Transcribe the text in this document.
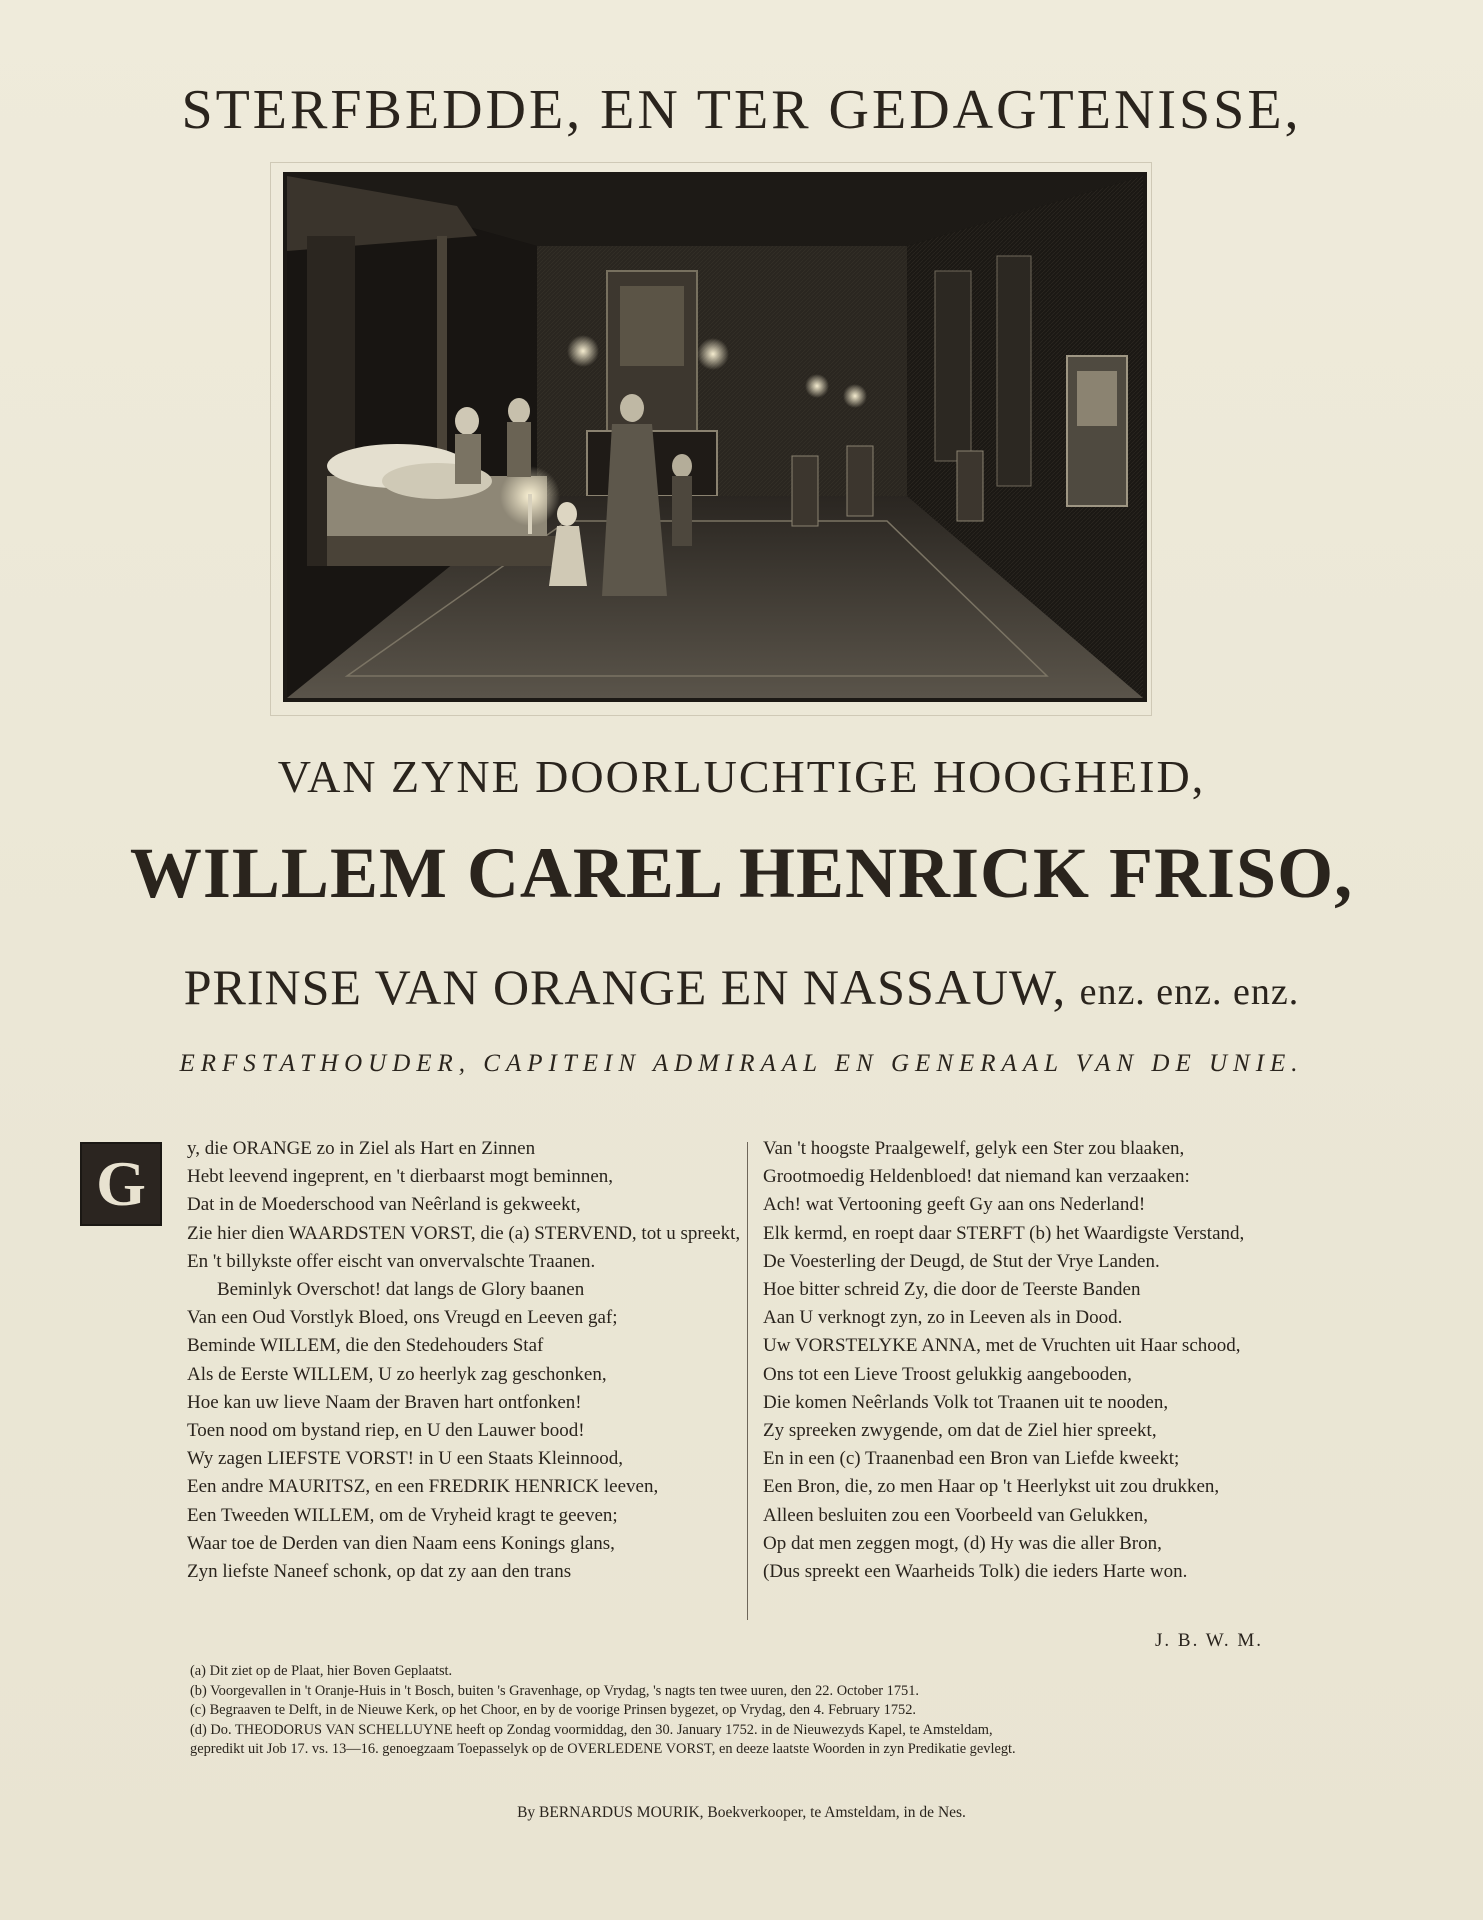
STERFBEDDE, EN TER GEDAGTENISSE,
VAN ZYNE DOORLUCHTIGE HOOGHEID,
WILLEM CAREL HENRICK FRISO,
PRINSE VAN ORANGE EN NASSAUW, enz. enz. enz.
ERFSTATHOUDER, CAPITEIN ADMIRAAL EN GENERAAL VAN DE UNIE.
G	y, die ORANGE zo in Ziel als Hart en Zinnen
Hebt leevend ingeprent, en 't dierbaarst mogt beminnen,
Dat in de Moederschood van Neêrland is gekweekt,
Zie hier dien WAARDSTEN VORST, die (a) STERVEND, tot u spreekt,
En 't billykste offer eischt van onvervalschte Traanen.
Beminlyk Overschot! dat langs de Glory baanen
Van een Oud Vorstlyk Bloed, ons Vreugd en Leeven gaf;
Beminde WILLEM, die den Stedehouders Staf
Als de Eerste WILLEM, U zo heerlyk zag geschonken,
Hoe kan uw lieve Naam der Braven hart ontfonken!
Toen nood om bystand riep, en U den Lauwer bood!
Wy zagen LIEFSTE VORST! in U een Staats Kleinnood,
Een andre MAURITSZ, en een FREDRIK HENRICK leeven,
Een Tweeden WILLEM, om de Vryheid kragt te geeven;
Waar toe de Derden van dien Naam eens Konings glans,
Zyn liefste Naneef schonk, op dat zy aan den trans
Van 't hoogste Praalgewelf, gelyk een Ster zou blaaken,
Grootmoedig Heldenbloed! dat niemand kan verzaaken:
Ach! wat Vertooning geeft Gy aan ons Nederland!
Elk kermd, en roept daar STERFT (b) het Waardigste Verstand,
De Voesterling der Deugd, de Stut der Vrye Landen.
Hoe bitter schreid Zy, die door de Teerste Banden
Aan U verknogt zyn, zo in Leeven als in Dood.
Uw VORSTELYKE ANNA, met de Vruchten uit Haar schood,
Ons tot een Lieve Troost gelukkig aangebooden,
Die komen Neêrlands Volk tot Traanen uit te nooden,
Zy spreeken zwygende, om dat de Ziel hier spreekt,
En in een (c) Traanenbad een Bron van Liefde kweekt;
Een Bron, die, zo men Haar op 't Heerlykst uit zou drukken,
Alleen besluiten zou een Voorbeeld van Gelukken,
Op dat men zeggen mogt, (d) Hy was die aller Bron,
(Dus spreekt een Waarheids Tolk) die ieders Harte won.
J. B. W. M.
(a) Dit ziet op de Plaat, hier Boven Geplaatst.
(b) Voorgevallen in 't Oranje-Huis in 't Bosch, buiten 's Gravenhage, op Vrydag, 's nagts ten twee uuren, den 22. October 1751.
(c) Begraaven te Delft, in de Nieuwe Kerk, op het Choor, en by de voorige Prinsen bygezet, op Vrydag, den 4. February 1752.
(d) Do. THEODORUS VAN SCHELLUYNE heeft op Zondag voormiddag, den 30. January 1752. in de Nieuwezyds Kapel, te Amsteldam,
gepredikt uit Job 17. vs. 13—16. genoegzaam Toepasselyk op de OVERLEDENE VORST, en deeze laatste Woorden in zyn Predikatie gevlegt.
By BERNARDUS MOURIK, Boekverkooper, te Amsteldam, in de Nes.
